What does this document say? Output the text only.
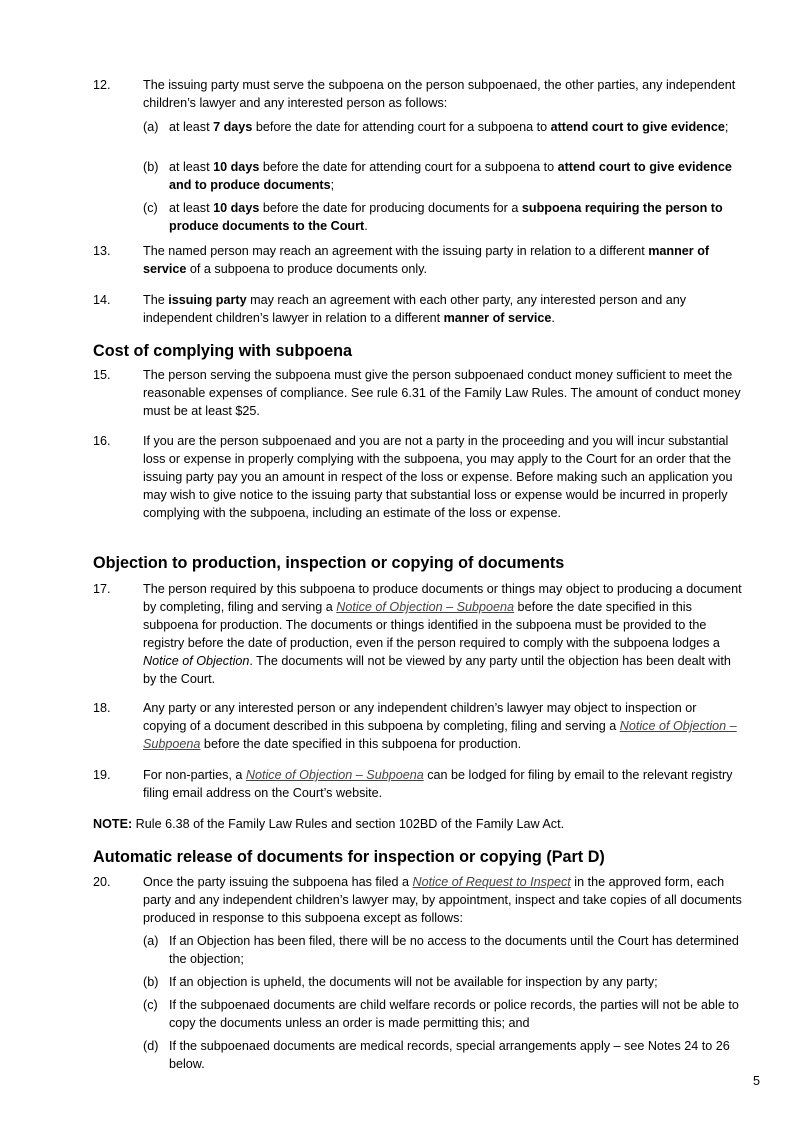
12.	The issuing party must serve the subpoena on the person subpoenaed, the other parties, any independent children’s lawyer and any interested person as follows:
(a) at least 7 days before the date for attending court for a subpoena to attend court to give evidence;
(b) at least 10 days before the date for attending court for a subpoena to attend court to give evidence and to produce documents;
(c) at least 10 days before the date for producing documents for a subpoena requiring the person to produce documents to the Court.
13.	The named person may reach an agreement with the issuing party in relation to a different manner of service of a subpoena to produce documents only.
14.	The issuing party may reach an agreement with each other party, any interested person and any independent children’s lawyer in relation to a different manner of service.
Cost of complying with subpoena
15.	The person serving the subpoena must give the person subpoenaed conduct money sufficient to meet the reasonable expenses of compliance. See rule 6.31 of the Family Law Rules. The amount of conduct money must be at least $25.
16.	If you are the person subpoenaed and you are not a party in the proceeding and you will incur substantial loss or expense in properly complying with the subpoena, you may apply to the Court for an order that the issuing party pay you an amount in respect of the loss or expense. Before making such an application you may wish to give notice to the issuing party that substantial loss or expense would be incurred in properly complying with the subpoena, including an estimate of the loss or expense.
Objection to production, inspection or copying of documents
17.	The person required by this subpoena to produce documents or things may object to producing a document by completing, filing and serving a Notice of Objection – Subpoena before the date specified in this subpoena for production. The documents or things identified in the subpoena must be provided to the registry before the date of production, even if the person required to comply with the subpoena lodges a Notice of Objection. The documents will not be viewed by any party until the objection has been dealt with by the Court.
18.	Any party or any interested person or any independent children’s lawyer may object to inspection or copying of a document described in this subpoena by completing, filing and serving a Notice of Objection – Subpoena before the date specified in this subpoena for production.
19.	For non-parties, a Notice of Objection – Subpoena can be lodged for filing by email to the relevant registry filing email address on the Court’s website.
NOTE: Rule 6.38 of the Family Law Rules and section 102BD of the Family Law Act.
Automatic release of documents for inspection or copying (Part D)
20.	Once the party issuing the subpoena has filed a Notice of Request to Inspect in the approved form, each party and any independent children’s lawyer may, by appointment, inspect and take copies of all documents produced in response to this subpoena except as follows:
(a) If an Objection has been filed, there will be no access to the documents until the Court has determined the objection;
(b) If an objection is upheld, the documents will not be available for inspection by any party;
(c) If the subpoenaed documents are child welfare records or police records, the parties will not be able to copy the documents unless an order is made permitting this; and
(d) If the subpoenaed documents are medical records, special arrangements apply – see Notes 24 to 26 below.
5
